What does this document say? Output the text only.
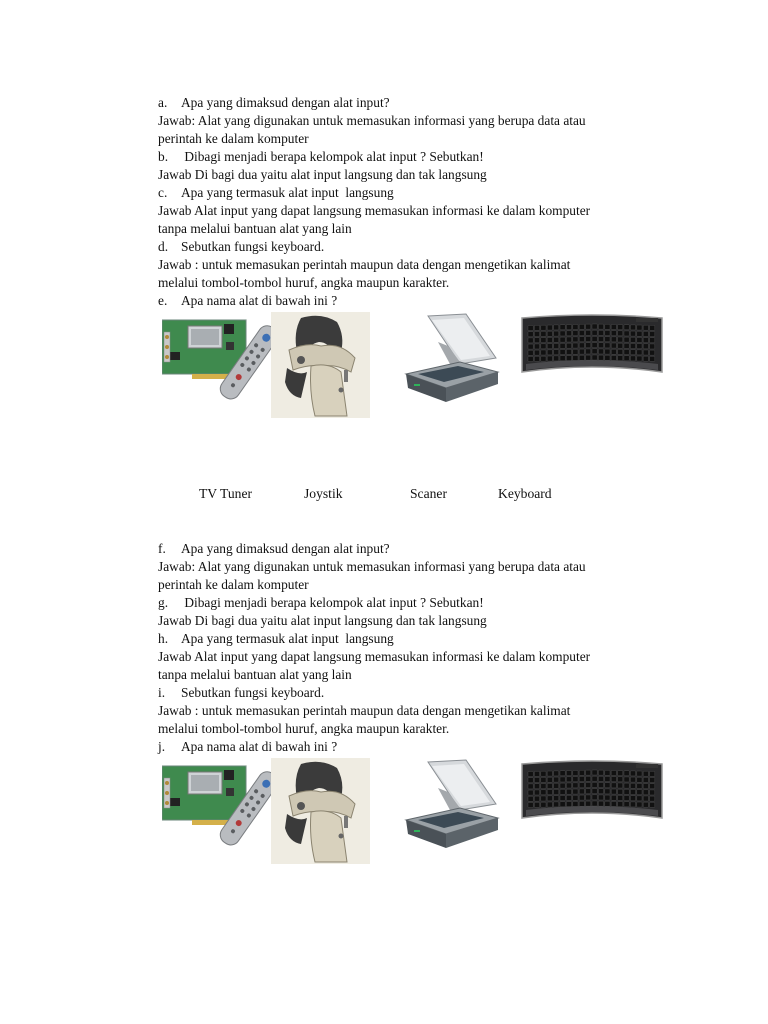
a. Apa yang dimaksud dengan alat input?
Jawab: Alat yang digunakan untuk memasukan informasi yang berupa data atau
perintah ke dalam komputer
b. Dibagi menjadi berapa kelompok alat input ? Sebutkan!
Jawab Di bagi dua yaitu alat input langsung dan tak langsung
c. Apa yang termasuk alat input  langsung
Jawab Alat input yang dapat langsung memasukan informasi ke dalam komputer
tanpa melalui bantuan alat yang lain
d. Sebutkan fungsi keyboard.
Jawab : untuk memasukan perintah maupun data dengan mengetikan kalimat
melalui tombol-tombol huruf, angka maupun karakter.
e. Apa nama alat di bawah ini ?
TV Tuner	Joystik	Scaner	Keyboard
f. Apa yang dimaksud dengan alat input?
Jawab: Alat yang digunakan untuk memasukan informasi yang berupa data atau
perintah ke dalam komputer
g. Dibagi menjadi berapa kelompok alat input ? Sebutkan!
Jawab Di bagi dua yaitu alat input langsung dan tak langsung
h. Apa yang termasuk alat input  langsung
Jawab Alat input yang dapat langsung memasukan informasi ke dalam komputer
tanpa melalui bantuan alat yang lain
i. Sebutkan fungsi keyboard.
Jawab : untuk memasukan perintah maupun data dengan mengetikan kalimat
melalui tombol-tombol huruf, angka maupun karakter.
j. Apa nama alat di bawah ini ?
